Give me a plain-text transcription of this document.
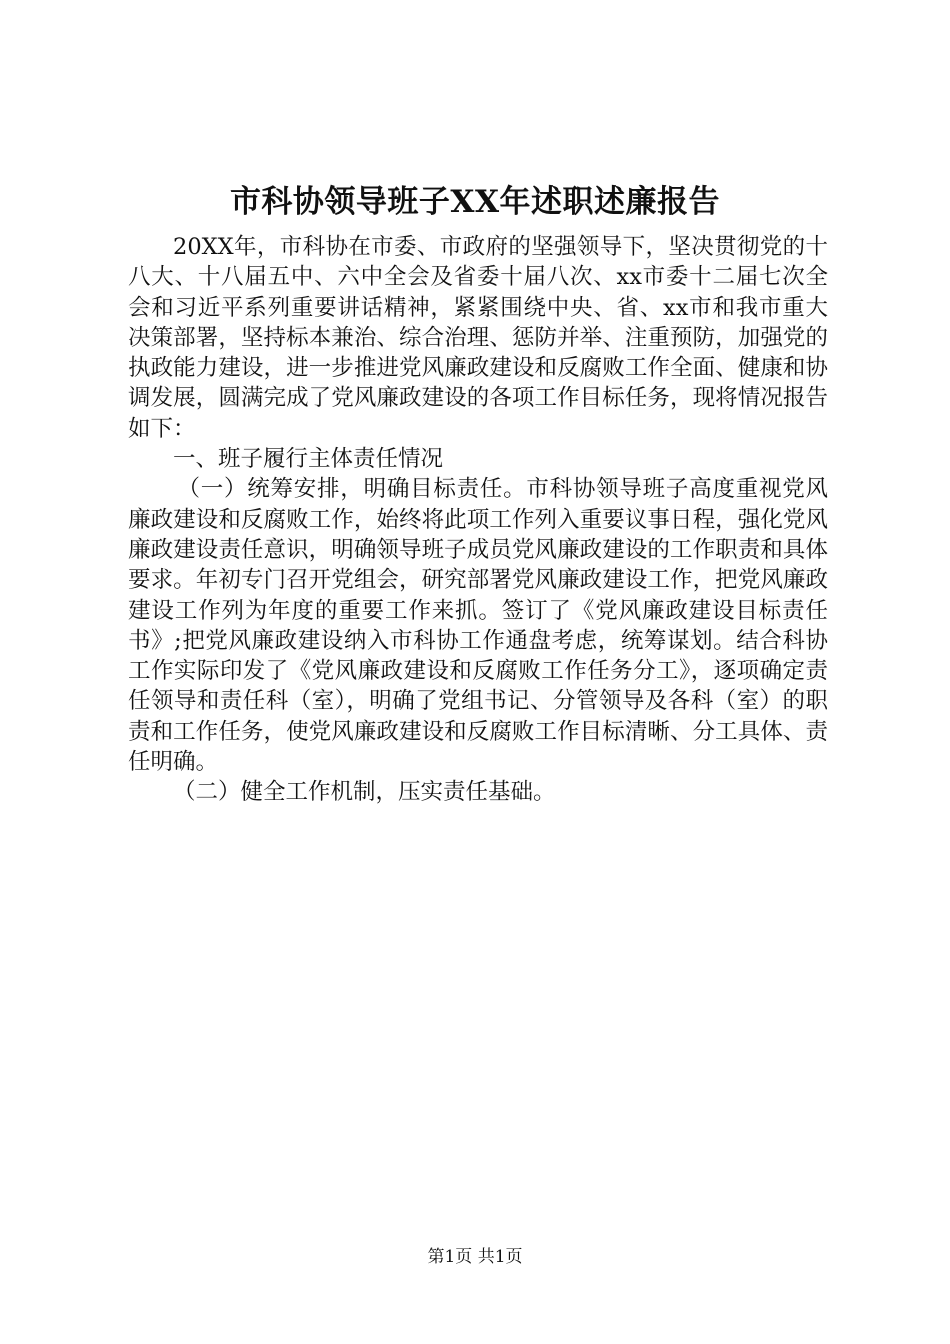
市科协领导班子XX年述职述廉报告

20XX年，市科协在市委、市政府的坚强领导下，坚决贯彻党的十八大、十八届五中、六中全会及省委十届八次、xx市委十二届七次全会和习近平系列重要讲话精神，紧紧围绕中央、省、xx市和我市重大决策部署，坚持标本兼治、综合治理、惩防并举、注重预防，加强党的执政能力建设，进一步推进党风廉政建设和反腐败工作全面、健康和协调发展，圆满完成了党风廉政建设的各项工作目标任务，现将情况报告如下：

一、班子履行主体责任情况

（一）统筹安排，明确目标责任。市科协领导班子高度重视党风廉政建设和反腐败工作，始终将此项工作列入重要议事日程，强化党风廉政建设责任意识，明确领导班子成员党风廉政建设的工作职责和具体要求。年初专门召开党组会，研究部署党风廉政建设工作，把党风廉政建设工作列为年度的重要工作来抓。签订了《党风廉政建设目标责任书》;把党风廉政建设纳入市科协工作通盘考虑，统筹谋划。结合科协工作实际印发了《党风廉政建设和反腐败工作任务分工》，逐项确定责任领导和责任科（室），明确了党组书记、分管领导及各科（室）的职责和工作任务，使党风廉政建设和反腐败工作目标清晰、分工具体、责任明确。

（二）健全工作机制，压实责任基础。

第1页 共1页
